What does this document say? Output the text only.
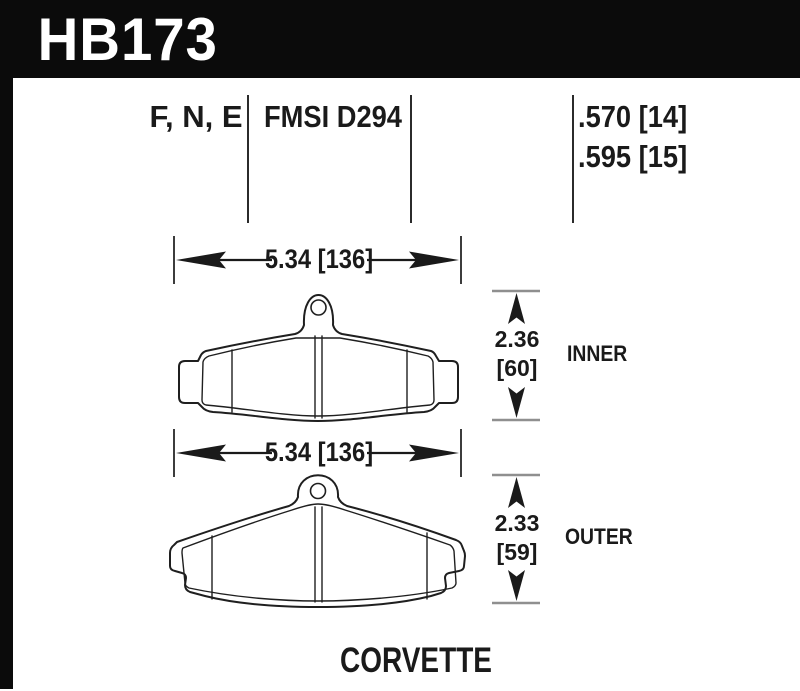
HB173
F, N, E FMSI D294	.570 [14]
.595 [15]
5.34 [136]
2.36
[60]
INNER
5.34 [136]
2.33
[59]
OUTER
CORVETTE
